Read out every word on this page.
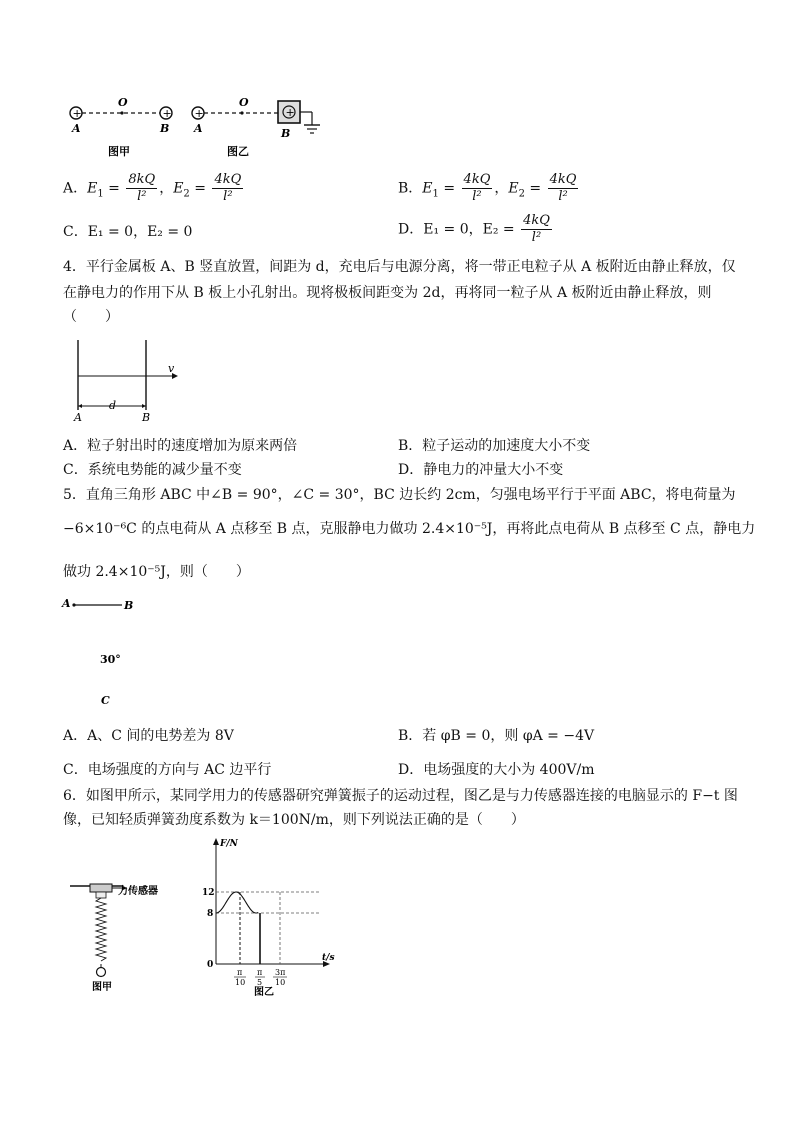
+	+
O
A	B
图甲
+	+
O
A	B
图乙
A．$E_1 = \frac{8kQ}{\text{l²}}$ ，$E_2 = \frac{4kQ}{\text{l²}}$	B．$E_1 = \frac{4kQ}{\text{l²}}$ ，$E_2 = \frac{4kQ}{\text{l²}}$
C．E₁ = 0，E₂ = 0	D．E₁ = 0，$E_2 = \frac{4kQ}{\text{l²}}$
4．平行金属板 A、B 竖直放置，间距为 d，充电后与电源分离，将一带正电粒子从 A 板附近由静止释放，仅
在静电力的作用下从 B 板上小孔射出。现将极板间距变为 2d，再将同一粒子从 A 板附近由静止释放，则
（　　）
v
d
A	B
A．粒子射出时的速度增加为原来两倍	B．粒子运动的加速度大小不变
C．系统电势能的减少量不变	D．静电力的冲量大小不变
5．直角三角形 ABC 中∠B = 90°，∠C = 30°，BC 边长约 2cm，匀强电场平行于平面 ABC，将电荷量为
−6×10⁻⁶C 的点电荷从 A 点移至 B 点，克服静电力做功 2.4×10⁻⁵J，再将此点电荷从 B 点移至 C 点，静电力
做功 2.4×10⁻⁵J，则（　　）
A	B
30°
C
A．A、C 间的电势差为 8V	B．若 φB = 0，则 φA = −4V
C．电场强度的方向与 AC 边平行	D．电场强度的大小为 400V/m
6．如图甲所示，某同学用力的传感器研究弹簧振子的运动过程，图乙是与力传感器连接的电脑显示的 F−t 图
像，已知轻质弹簧劲度系数为 k＝100N/m，则下列说法正确的是（　　）
力传感器
图甲
F/N
t/s
12
8
0
π
10
π
5
3π
10
图乙
